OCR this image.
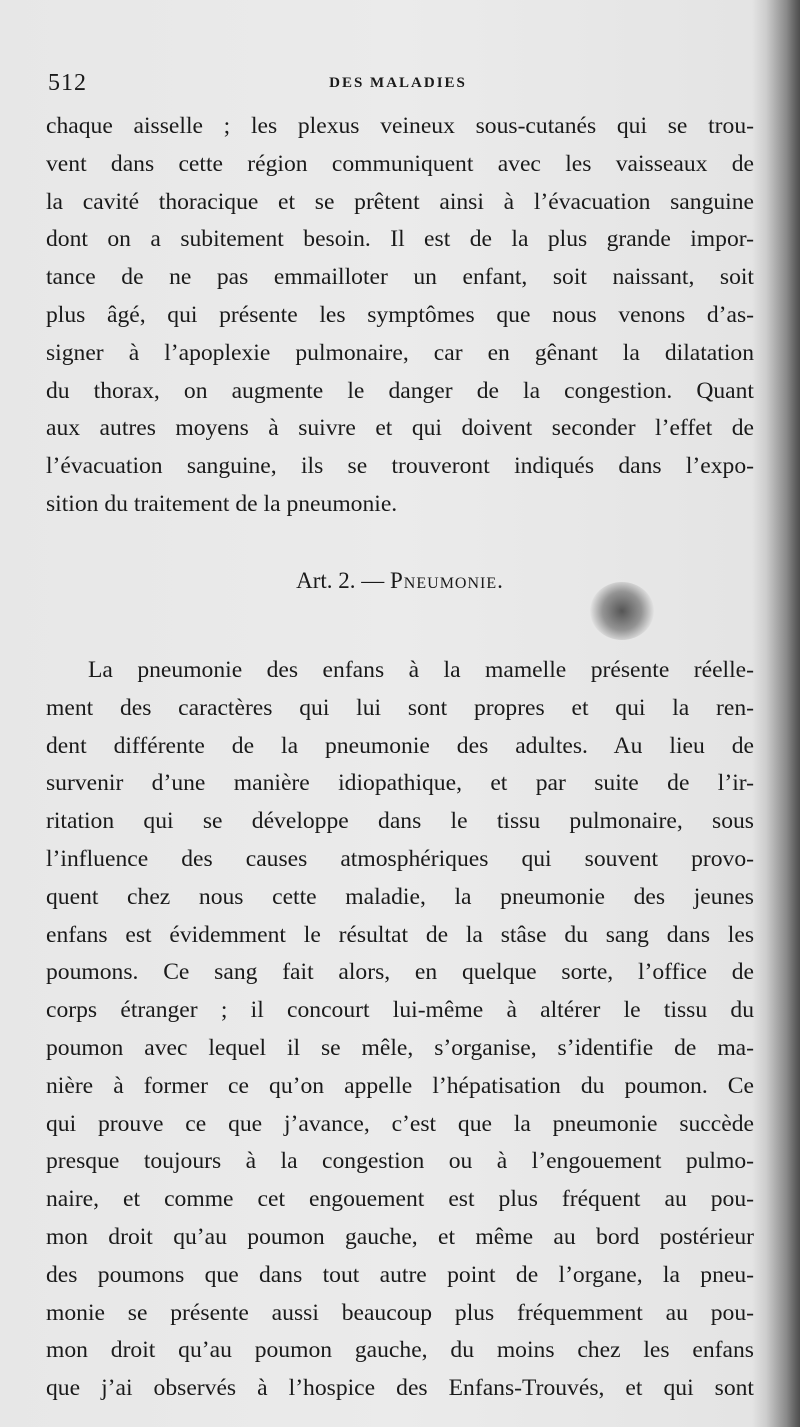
512	DES MALADIES
chaque aisselle ; les plexus veineux sous-cutanés qui se trou-
vent dans cette région communiquent avec les vaisseaux de
la cavité thoracique et se prêtent ainsi à l’évacuation sanguine
dont on a subitement besoin. Il est de la plus grande impor-
tance de ne pas emmailloter un enfant, soit naissant, soit
plus âgé, qui présente les symptômes que nous venons d’as-
signer à l’apoplexie pulmonaire, car en gênant la dilatation
du thorax, on augmente le danger de la congestion. Quant
aux autres moyens à suivre et qui doivent seconder l’effet de
l’évacuation sanguine, ils se trouveront indiqués dans l’expo-
sition du traitement de la pneumonie.
Art. 2. — Pneumonie.
La pneumonie des enfans à la mamelle présente réelle-
ment des caractères qui lui sont propres et qui la ren-
dent différente de la pneumonie des adultes. Au lieu de
survenir d’une manière idiopathique, et par suite de l’ir-
ritation qui se développe dans le tissu pulmonaire, sous
l’influence des causes atmosphériques qui souvent provo-
quent chez nous cette maladie, la pneumonie des jeunes
enfans est évidemment le résultat de la stâse du sang dans les
poumons. Ce sang fait alors, en quelque sorte, l’office de
corps étranger ; il concourt lui-même à altérer le tissu du
poumon avec lequel il se mêle, s’organise, s’identifie de ma-
nière à former ce qu’on appelle l’hépatisation du poumon. Ce
qui prouve ce que j’avance, c’est que la pneumonie succède
presque toujours à la congestion ou à l’engouement pulmo-
naire, et comme cet engouement est plus fréquent au pou-
mon droit qu’au poumon gauche, et même au bord postérieur
des poumons que dans tout autre point de l’organe, la pneu-
monie se présente aussi beaucoup plus fréquemment au pou-
mon droit qu’au poumon gauche, du moins chez les enfans
que j’ai observés à l’hospice des Enfans-Trouvés, et qui sont
